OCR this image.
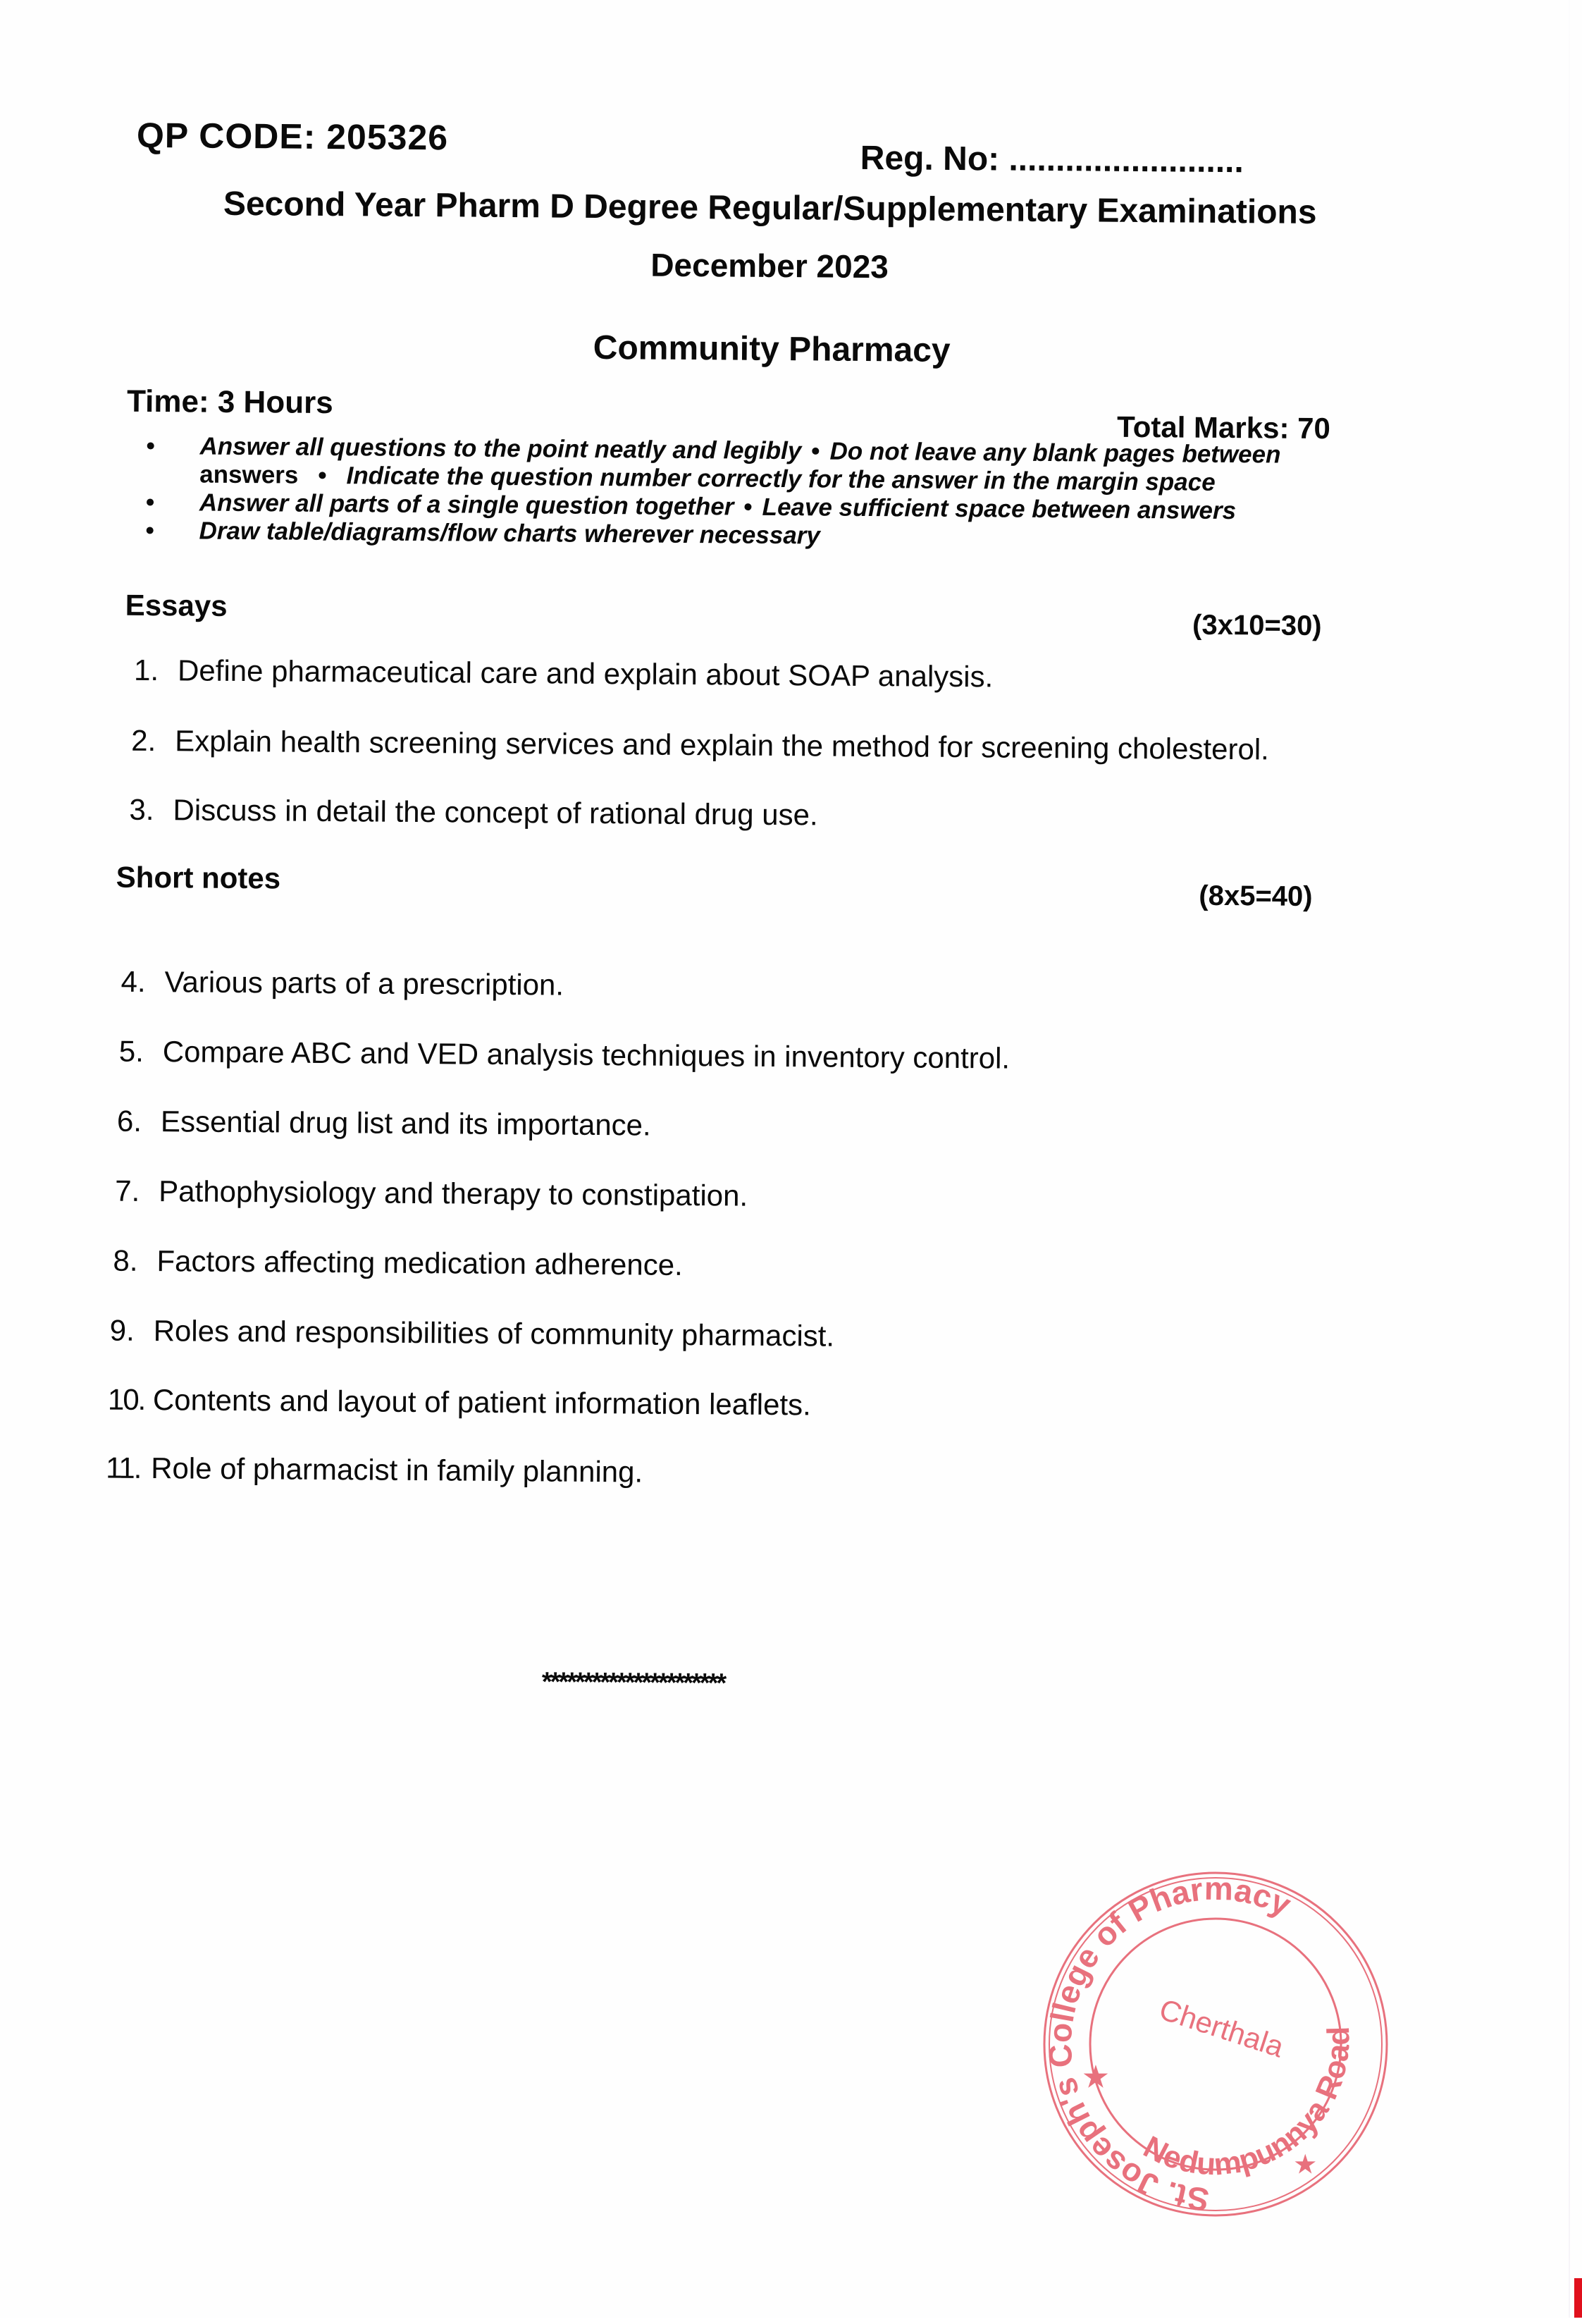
QP CODE: 205326
Reg. No: .........................
Second Year Pharm D Degree Regular/Supplementary Examinations
December 2023
Community Pharmacy
Time: 3 Hours
Total Marks: 70
• Answer all questions to the point neatly and legibly • Do not leave any blank pages between
answers • Indicate the question number correctly for the answer in the margin space
• Answer all parts of a single question together • Leave sufficient space between answers
• Draw table/diagrams/flow charts wherever necessary
Essays
(3x10=30)
1. Define pharmaceutical care and explain about SOAP analysis.
2. Explain health screening services and explain the method for screening cholesterol.
3. Discuss in detail the concept of rational drug use.
Short notes
(8x5=40)
4. Various parts of a prescription.
5. Compare ABC and VED analysis techniques in inventory control.
6. Essential drug list and its importance.
7. Pathophysiology and therapy to constipation.
8. Factors affecting medication adherence.
9. Roles and responsibilities of community pharmacist.
10. Contents and layout of patient information leaflets.
11. Role of pharmacist in family planning.
**********************
St. Joseph's College of Pharmacy
Nedumpunnya Road
Cherthala
★
★
